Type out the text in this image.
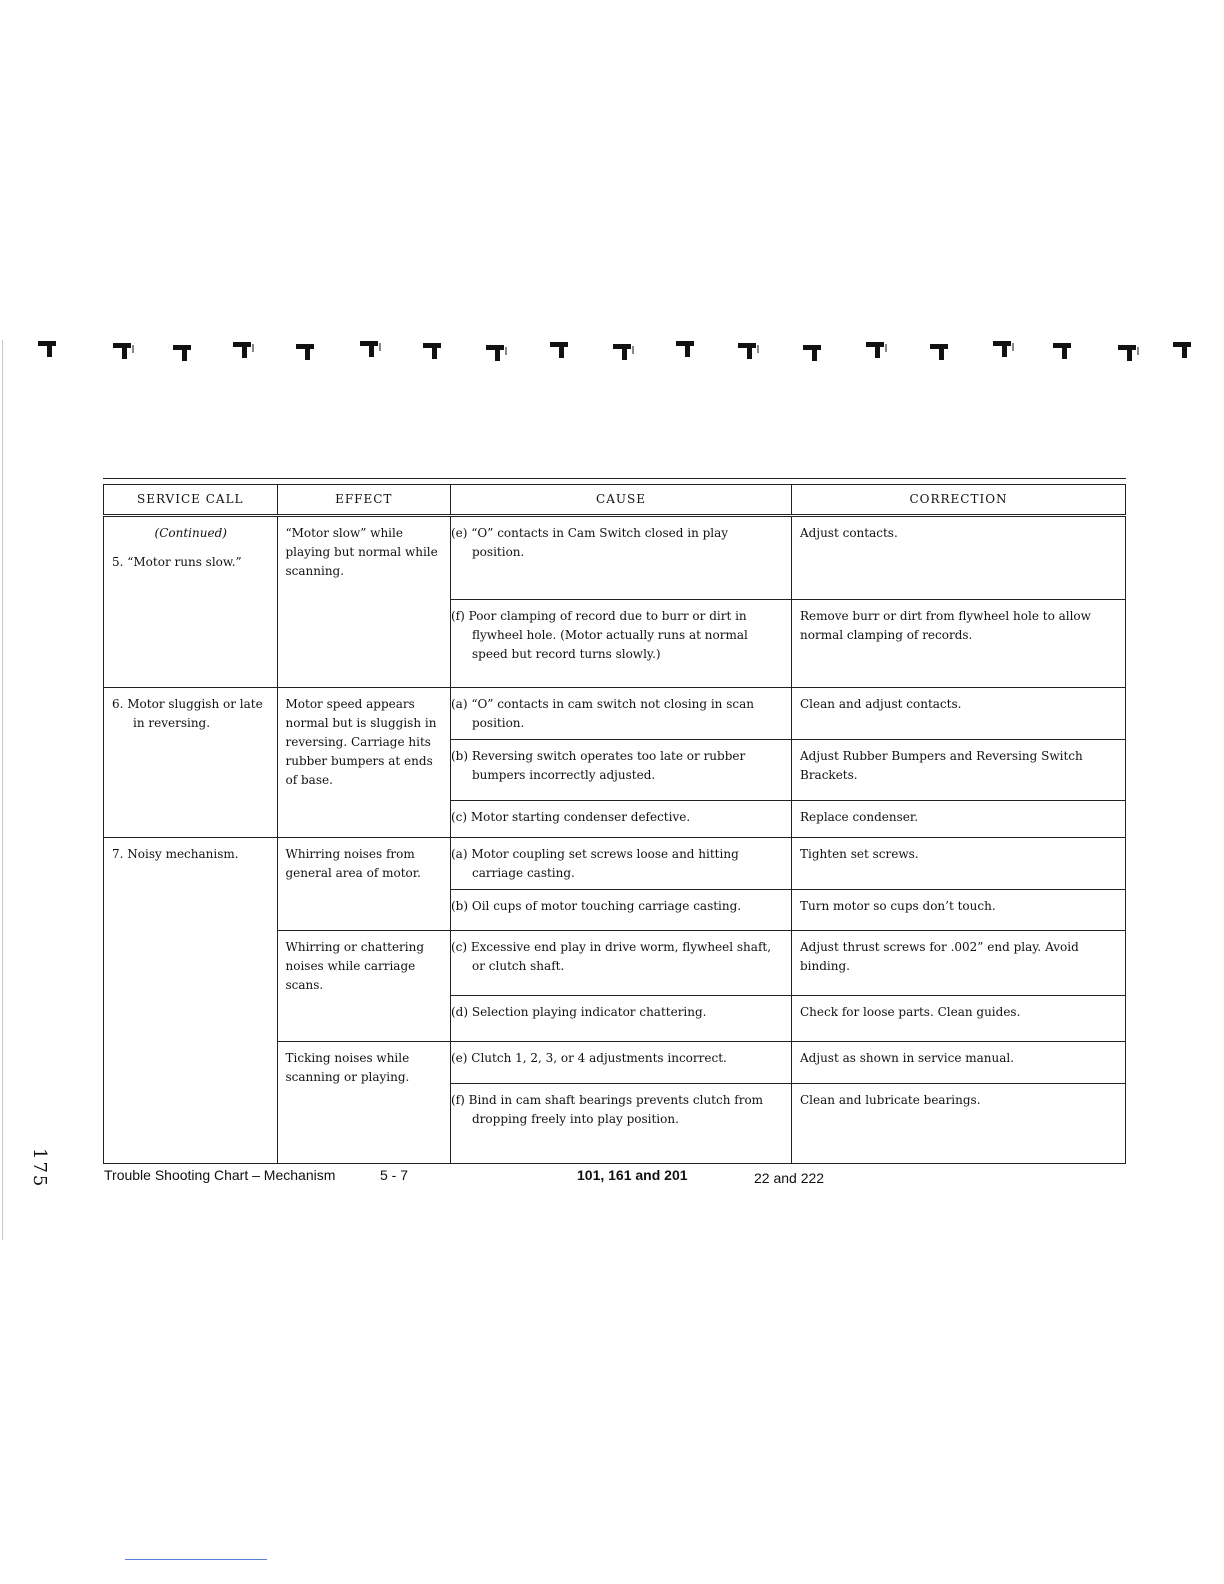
175
SERVICE CALL	EFFECT	CAUSE	CORRECTION

(Continued)
5. “Motor runs slow.”	“Motor slow” while playing but normal while scanning.	(e) “O” contacts in Cam Switch closed in play position.	Adjust contacts.

		(f) Poor clamping of record due to burr or dirt in flywheel hole. (Motor actually runs at normal speed but record turns slowly.)	Remove burr or dirt from flywheel hole to allow normal clamping of records.

6. Motor sluggish or late in reversing.	Motor speed appears normal but is sluggish in reversing. Carriage hits rubber bumpers at ends of base.	(a) “O” contacts in cam switch not closing in scan position.	Clean and adjust contacts.

		(b) Reversing switch operates too late or rubber bumpers incorrectly adjusted.	Adjust Rubber Bumpers and Reversing Switch Brackets.

		(c) Motor starting condenser defective.	Replace condenser.

7. Noisy mechanism.	Whirring noises from general area of motor.	(a) Motor coupling set screws loose and hitting carriage casting.	Tighten set screws.

		(b) Oil cups of motor touching carriage casting.	Turn motor so cups don’t touch.

	Whirring or chattering noises while carriage scans.	(c) Excessive end play in drive worm, flywheel shaft, or clutch shaft.	Adjust thrust screws for .002” end play. Avoid binding.

		(d) Selection playing indicator chattering.	Check for loose parts. Clean guides.

	Ticking noises while scanning or playing.	(e) Clutch 1, 2, 3, or 4 adjustments incorrect.	Adjust as shown in service manual.

		(f) Bind in cam shaft bearings prevents clutch from dropping freely into play position.	Clean and lubricate bearings.
Trouble Shooting Chart – Mechanism	5 - 7	101, 161 and 201	22 and 222
